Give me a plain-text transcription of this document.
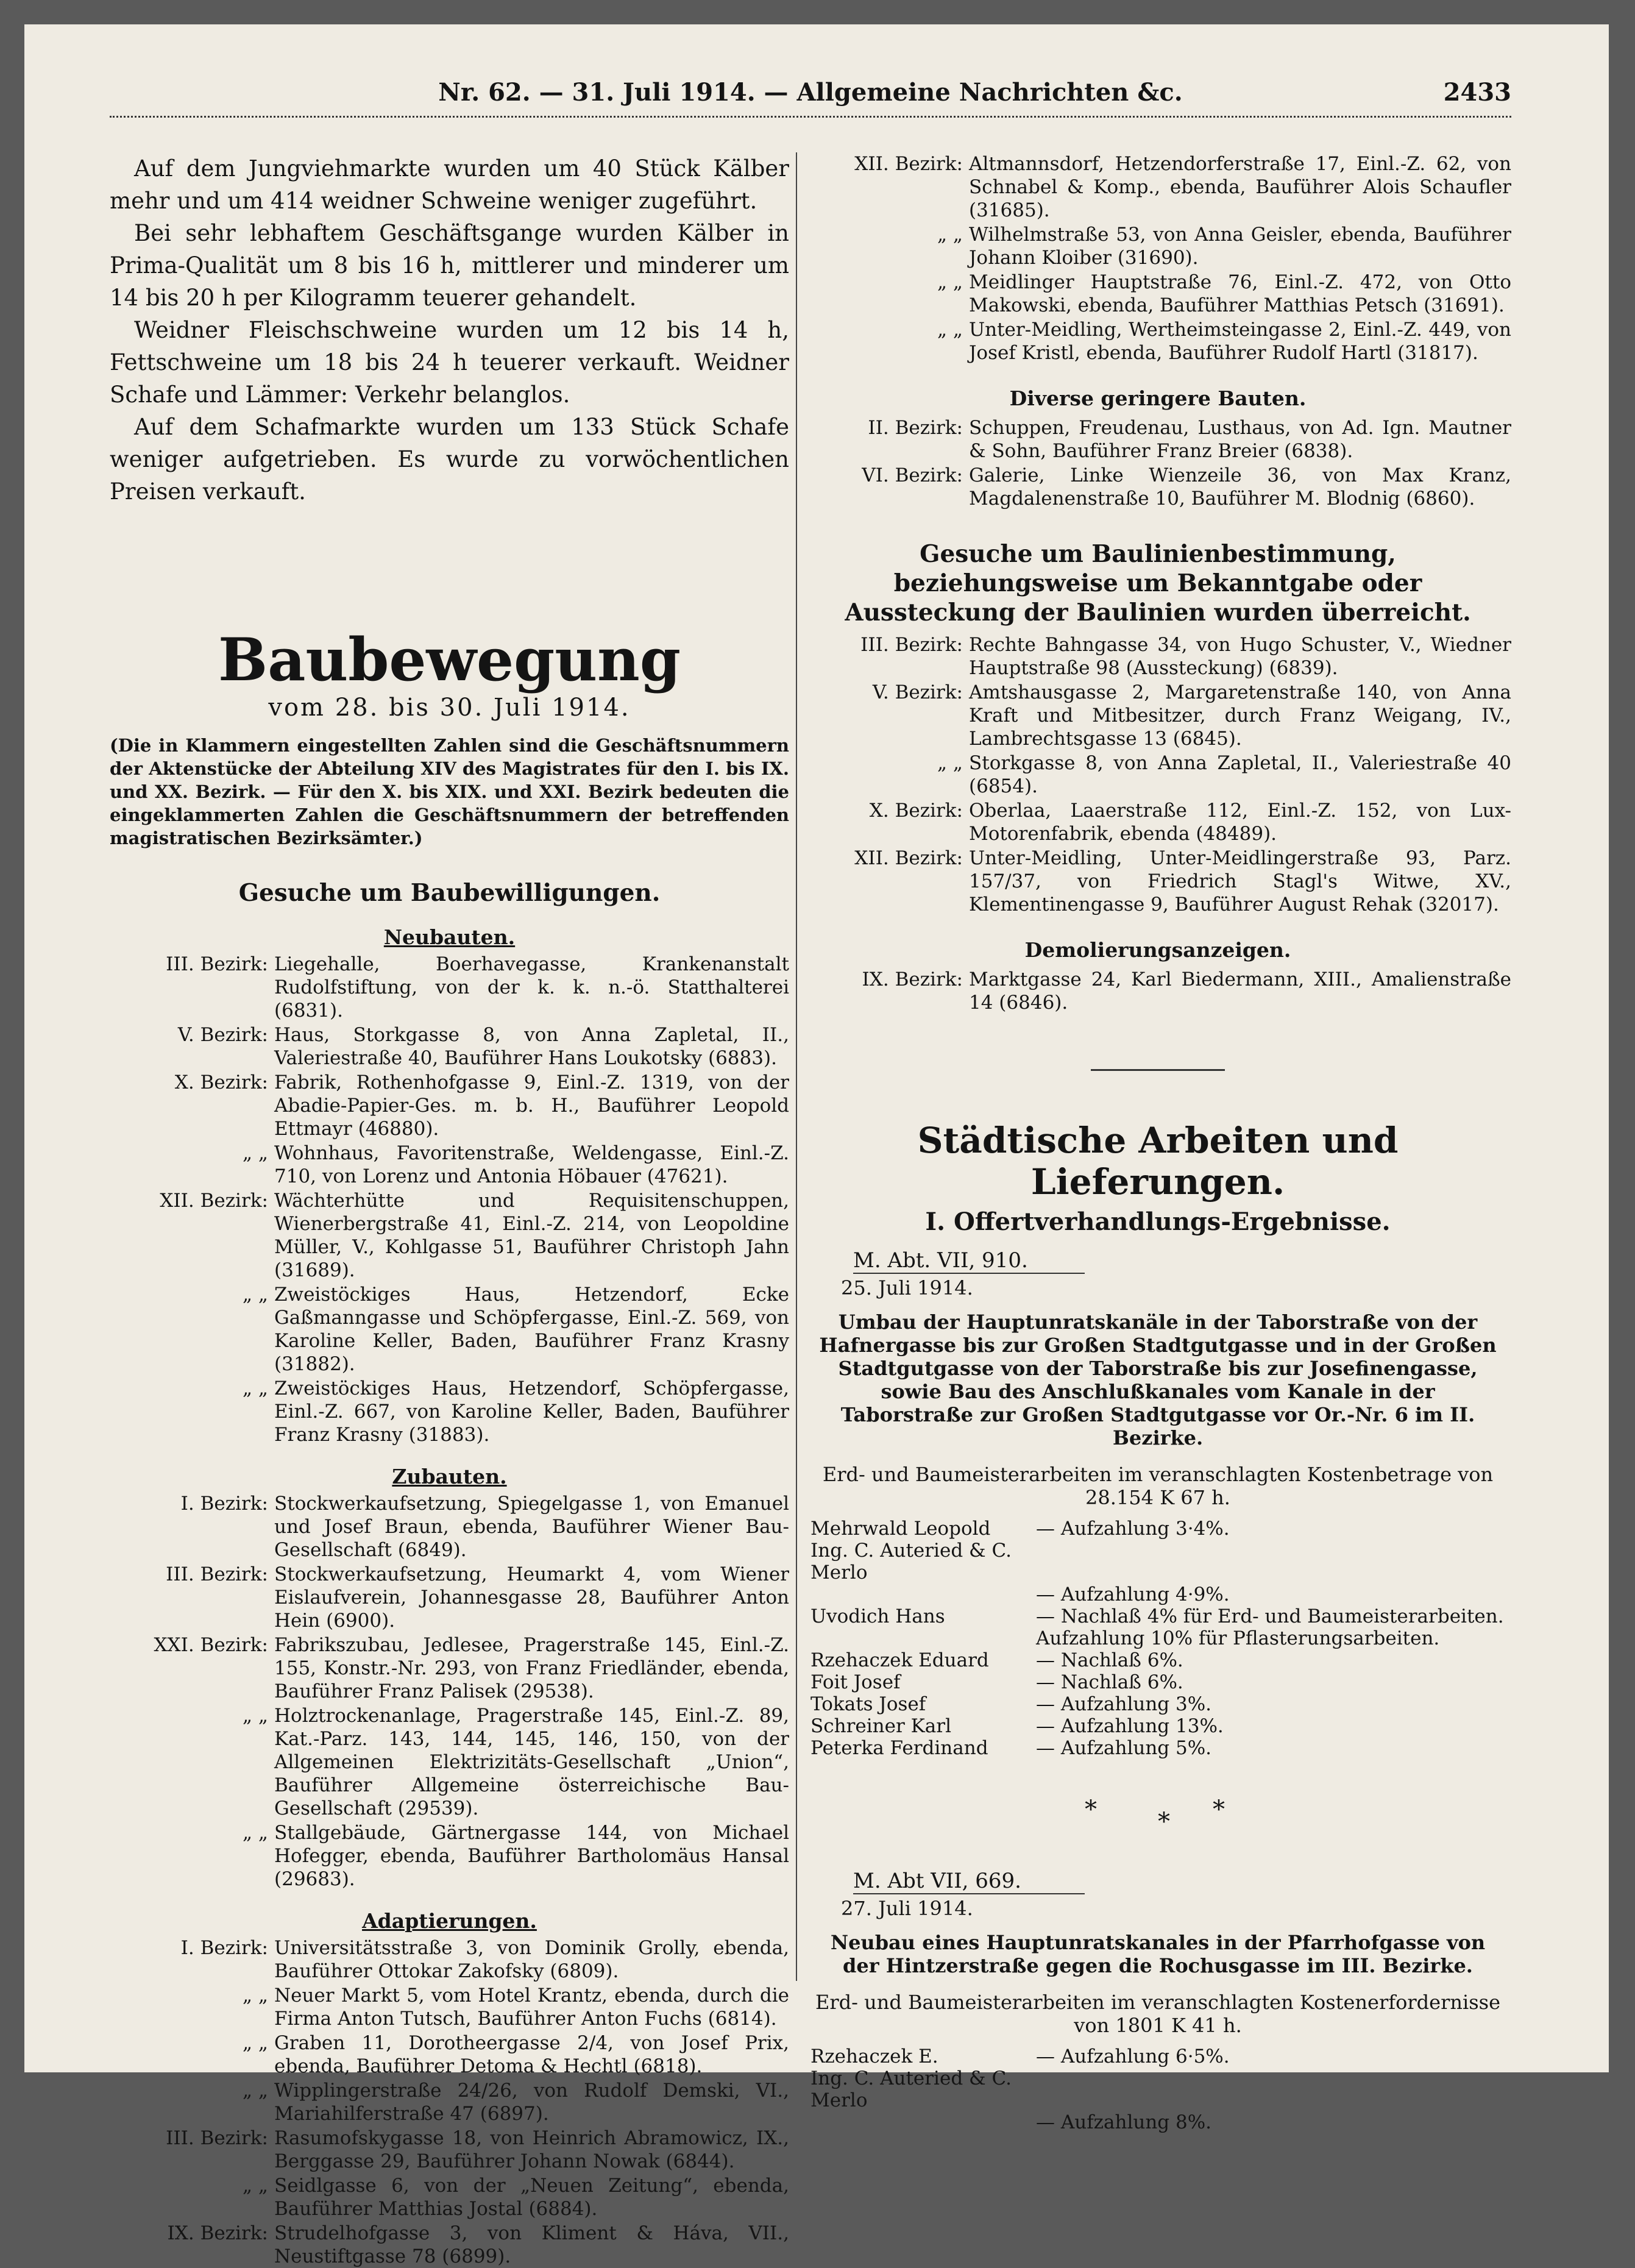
Nr. 62. — 31. Juli 1914. — Allgemeine Nachrichten &c.	2433

Auf dem Jungviehmarkte wurden um 40 Stück Kälber mehr und um 414 weidner Schweine weniger zugeführt.

Bei sehr lebhaftem Geschäftsgange wurden Kälber in Prima-Qualität um 8 bis 16 h, mittlerer und minderer um 14 bis 20 h per Kilogramm teuerer gehandelt.

Weidner Fleischschweine wurden um 12 bis 14 h, Fettschweine um 18 bis 24 h teuerer verkauft. Weidner Schafe und Lämmer: Verkehr belanglos.

Auf dem Schafmarkte wurden um 133 Stück Schafe weniger aufgetrieben. Es wurde zu vorwöchentlichen Preisen verkauft.

Baubewegung
vom 28. bis 30. Juli 1914.
(Die in Klammern eingestellten Zahlen sind die Geschäftsnummern der Aktenstücke der Abteilung XIV des Magistrates für den I. bis IX. und XX. Bezirk. — Für den X. bis XIX. und XXI. Bezirk bedeuten die eingeklammerten Zahlen die Geschäftsnummern der betreffenden magistratischen Bezirksämter.)
Gesuche um Baubewilligungen.
Neubauten.
III. Bezirk: Liegehalle, Boerhavegasse, Krankenanstalt Rudolfstiftung, von der k. k. n.-ö. Statthalterei (6831).
V. Bezirk: Haus, Storkgasse 8, von Anna Zapletal, II., Valeriestraße 40, Bauführer Hans Loukotsky (6883).
X. Bezirk: Fabrik, Rothenhofgasse 9, Einl.-Z. 1319, von der Abadie-Papier-Ges. m. b. H., Bauführer Leopold Ettmayr (46880).
„ „ Wohnhaus, Favoritenstraße, Weldengasse, Einl.-Z. 710, von Lorenz und Antonia Höbauer (47621).
XII. Bezirk: Wächterhütte und Requisitenschuppen, Wienerbergstraße 41, Einl.-Z. 214, von Leopoldine Müller, V., Kohlgasse 51, Bauführer Christoph Jahn (31689).
„ „ Zweistöckiges Haus, Hetzendorf, Ecke Gaßmanngasse und Schöpfergasse, Einl.-Z. 569, von Karoline Keller, Baden, Bauführer Franz Krasny (31882).
„ „ Zweistöckiges Haus, Hetzendorf, Schöpfergasse, Einl.-Z. 667, von Karoline Keller, Baden, Bauführer Franz Krasny (31883).
Zubauten.
I. Bezirk: Stockwerkaufsetzung, Spiegelgasse 1, von Emanuel und Josef Braun, ebenda, Bauführer Wiener Bau-Gesellschaft (6849).
III. Bezirk: Stockwerkaufsetzung, Heumarkt 4, vom Wiener Eislaufverein, Johannesgasse 28, Bauführer Anton Hein (6900).
XXI. Bezirk: Fabrikszubau, Jedlesee, Pragerstraße 145, Einl.-Z. 155, Konstr.-Nr. 293, von Franz Friedländer, ebenda, Bauführer Franz Palisek (29538).
„ „ Holztrockenanlage, Pragerstraße 145, Einl.-Z. 89, Kat.-Parz. 143, 144, 145, 146, 150, von der Allgemeinen Elektrizitäts-Gesellschaft „Union“, Bauführer Allgemeine österreichische Bau-Gesellschaft (29539).
„ „ Stallgebäude, Gärtnergasse 144, von Michael Hofegger, ebenda, Bauführer Bartholomäus Hansal (29683).
Adaptierungen.
I. Bezirk: Universitätsstraße 3, von Dominik Grolly, ebenda, Bauführer Ottokar Zakofsky (6809).
„ „ Neuer Markt 5, vom Hotel Krantz, ebenda, durch die Firma Anton Tutsch, Bauführer Anton Fuchs (6814).
„ „ Graben 11, Dorotheergasse 2/4, von Josef Prix, ebenda, Bauführer Detoma & Hechtl (6818).
„ „ Wipplingerstraße 24/26, von Rudolf Demski, VI., Mariahilferstraße 47 (6897).
III. Bezirk: Rasumofskygasse 18, von Heinrich Abramowicz, IX., Berggasse 29, Bauführer Johann Nowak (6844).
„ „ Seidlgasse 6, von der „Neuen Zeitung“, ebenda, Bauführer Matthias Jostal (6884).
IX. Bezirk: Strudelhofgasse 3, von Kliment & Háva, VII., Neustiftgasse 78 (6899).
XII. Bezirk: Altmannsdorf, Hetzendorferstraße 17, Einl.-Z. 62, von Schnabel & Komp., ebenda, Bauführer Alois Schaufler (31685).
„ „ Wilhelmstraße 53, von Anna Geisler, ebenda, Bauführer Johann Kloiber (31690).
„ „ Meidlinger Hauptstraße 76, Einl.-Z. 472, von Otto Makowski, ebenda, Bauführer Matthias Petsch (31691).
„ „ Unter-Meidling, Wertheimsteingasse 2, Einl.-Z. 449, von Josef Kristl, ebenda, Bauführer Rudolf Hartl (31817).
Diverse geringere Bauten.
II. Bezirk: Schuppen, Freudenau, Lusthaus, von Ad. Ign. Mautner & Sohn, Bauführer Franz Breier (6838).
VI. Bezirk: Galerie, Linke Wienzeile 36, von Max Kranz, Magdalenenstraße 10, Bauführer M. Blodnig (6860).
Gesuche um Baulinienbestimmung, beziehungsweise um Bekanntgabe oder Aussteckung der Baulinien wurden überreicht.
III. Bezirk: Rechte Bahngasse 34, von Hugo Schuster, V., Wiedner Hauptstraße 98 (Aussteckung) (6839).
V. Bezirk: Amtshausgasse 2, Margaretenstraße 140, von Anna Kraft und Mitbesitzer, durch Franz Weigang, IV., Lambrechtsgasse 13 (6845).
„ „ Storkgasse 8, von Anna Zapletal, II., Valeriestraße 40 (6854).
X. Bezirk: Oberlaa, Laaerstraße 112, Einl.-Z. 152, von Lux-Motorenfabrik, ebenda (48489).
XII. Bezirk: Unter-Meidling, Unter-Meidlingerstraße 93, Parz. 157/37, von Friedrich Stagl's Witwe, XV., Klementinengasse 9, Bauführer August Rehak (32017).
Demolierungsanzeigen.
IX. Bezirk: Marktgasse 24, Karl Biedermann, XIII., Amalienstraße 14 (6846).
Städtische Arbeiten und Lieferungen.
I. Offertverhandlungs-Ergebnisse.
M. Abt. VII, 910.
25. Juli 1914.
Umbau der Hauptunratskanäle in der Taborstraße von der Hafnergasse bis zur Großen Stadtgutgasse und in der Großen Stadtgutgasse von der Taborstraße bis zur Josefinengasse, sowie Bau des Anschlußkanales vom Kanale in der Taborstraße zur Großen Stadtgutgasse vor Or.-Nr. 6 im II. Bezirke.
Erd- und Baumeisterarbeiten im veranschlagten Kostenbetrage von 28.154 K 67 h.
Mehrwald Leopold	— Aufzahlung 3·4%.
Ing. C. Auteried & C. Merlo
— Aufzahlung 4·9%.
Uvodich Hans	— Nachlaß 4% für Erd- und Baumeisterarbeiten.
Aufzahlung 10% für Pflasterungsarbeiten.
Rzehaczek Eduard	— Nachlaß 6%.
Foit Josef	— Nachlaß 6%.
Tokats Josef	— Aufzahlung 3%.
Schreiner Karl	— Aufzahlung 13%.
Peterka Ferdinand	— Aufzahlung 5%.
*	* *
M. Abt VII, 669.
27. Juli 1914.
Neubau eines Hauptunratskanales in der Pfarrhofgasse von der Hintzerstraße gegen die Rochusgasse im III. Bezirke.
Erd- und Baumeisterarbeiten im veranschlagten Kostenerfordernisse von 1801 K 41 h.
Rzehaczek E.	— Aufzahlung 6·5%.
Ing. C. Auteried & C. Merlo
— Aufzahlung 8%.
